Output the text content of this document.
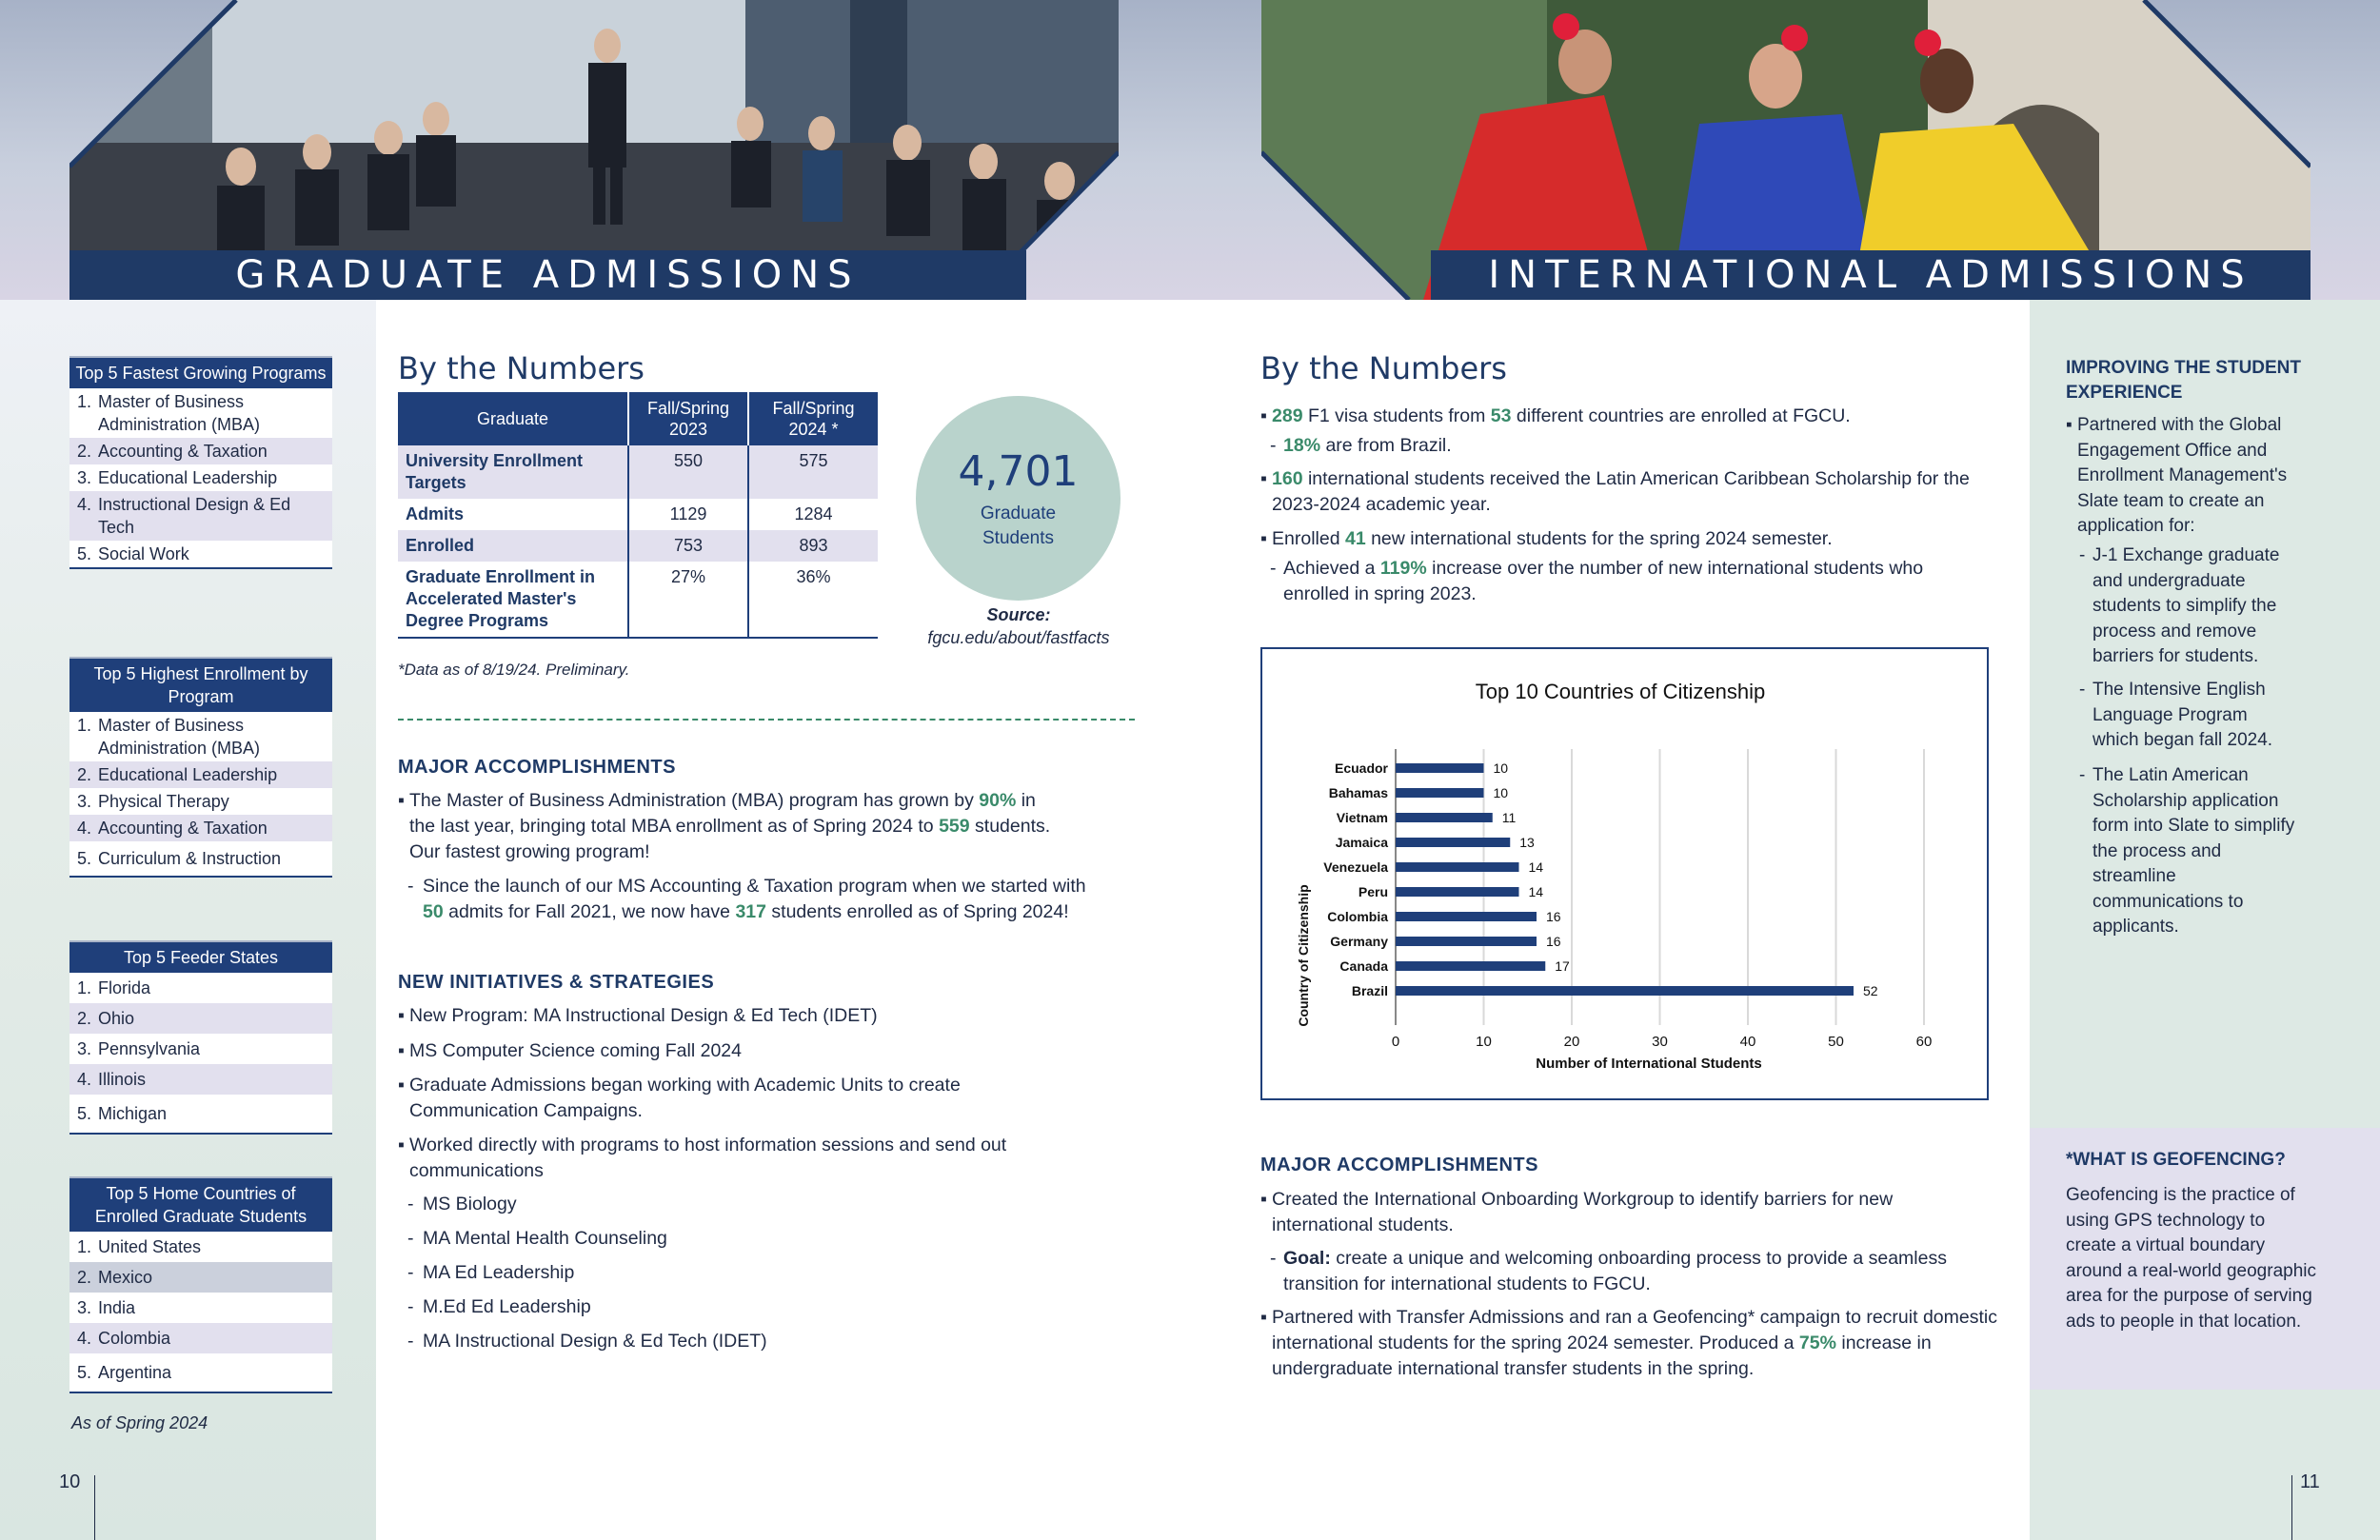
GRADUATE ADMISSIONS	INTERNATIONAL ADMISSIONS
Top 5 Fastest Growing Programs
1. Master of Business Administration (MBA)
2. Accounting & Taxation
3. Educational Leadership
4. Instructional Design & Ed Tech
5. Social Work
Top 5 Highest Enrollment by Program
1. Master of Business Administration (MBA)
2. Educational Leadership
3. Physical Therapy
4. Accounting & Taxation
5. Curriculum & Instruction
Top 5 Feeder States
1. Florida
2. Ohio
3. Pennsylvania
4. Illinois
5. Michigan
Top 5 Home Countries of Enrolled Graduate Students
1. United States
2. Mexico
3. India
4. Colombia
5. Argentina
As of Spring 2024
By the Numbers
Graduate	Fall/Spring 2023	Fall/Spring 2024 *
University Enrollment Targets	550	575
Admits	1129	1284
Enrolled	753	893
Graduate Enrollment in Accelerated Master's Degree Programs	27%	36%
*Data as of 8/19/24. Preliminary.
4,701
Graduate Students
Source:
fgcu.edu/about/fastfacts
MAJOR ACCOMPLISHMENTS
▪ The Master of Business Administration (MBA) program has grown by 90% in the last year, bringing total MBA enrollment as of Spring 2024 to 559 students. Our fastest growing program!
- Since the launch of our MS Accounting & Taxation program when we started with 50 admits for Fall 2021, we now have 317 students enrolled as of Spring 2024!
NEW INITIATIVES & STRATEGIES
▪ New Program: MA Instructional Design & Ed Tech (IDET)
▪ MS Computer Science coming Fall 2024
▪ Graduate Admissions began working with Academic Units to create Communication Campaigns.
▪ Worked directly with programs to host information sessions and send out communications
- MS Biology
- MA Mental Health Counseling
- MA Ed Leadership
- M.Ed Ed Leadership
- MA Instructional Design & Ed Tech (IDET)
By the Numbers
▪ 289 F1 visa students from 53 different countries are enrolled at FGCU.
- 18% are from Brazil.
▪ 160 international students received the Latin American Caribbean Scholarship for the 2023-2024 academic year.
▪ Enrolled 41 new international students for the spring 2024 semester.
- Achieved a 119% increase over the number of new international students who enrolled in spring 2023.
Top 10 Countries of Citizenship
Country of Citizenship
Number of International Students
0	10	20	30	40	50	60
Ecuador	10
Bahamas	10
Vietnam	11
Jamaica	13
Venezuela	14
Peru	14
Colombia	16
Germany	16
Canada	17
Brazil	52
MAJOR ACCOMPLISHMENTS
▪ Created the International Onboarding Workgroup to identify barriers for new international students.
- Goal: create a unique and welcoming onboarding process to provide a seamless transition for international students to FGCU.
▪ Partnered with Transfer Admissions and ran a Geofencing* campaign to recruit domestic international students for the spring 2024 semester. Produced a 75% increase in undergraduate international transfer students in the spring.
IMPROVING THE STUDENT EXPERIENCE
▪ Partnered with the Global Engagement Office and Enrollment Management's Slate team to create an application for:
- J-1 Exchange graduate and undergraduate students to simplify the process and remove barriers for students.
- The Intensive English Language Program which began fall 2024.
- The Latin American Scholarship application form into Slate to simplify the process and streamline communications to applicants.
*WHAT IS GEOFENCING?
Geofencing is the practice of using GPS technology to create a virtual boundary around a real-world geographic area for the purpose of serving ads to people in that location.
10	11
